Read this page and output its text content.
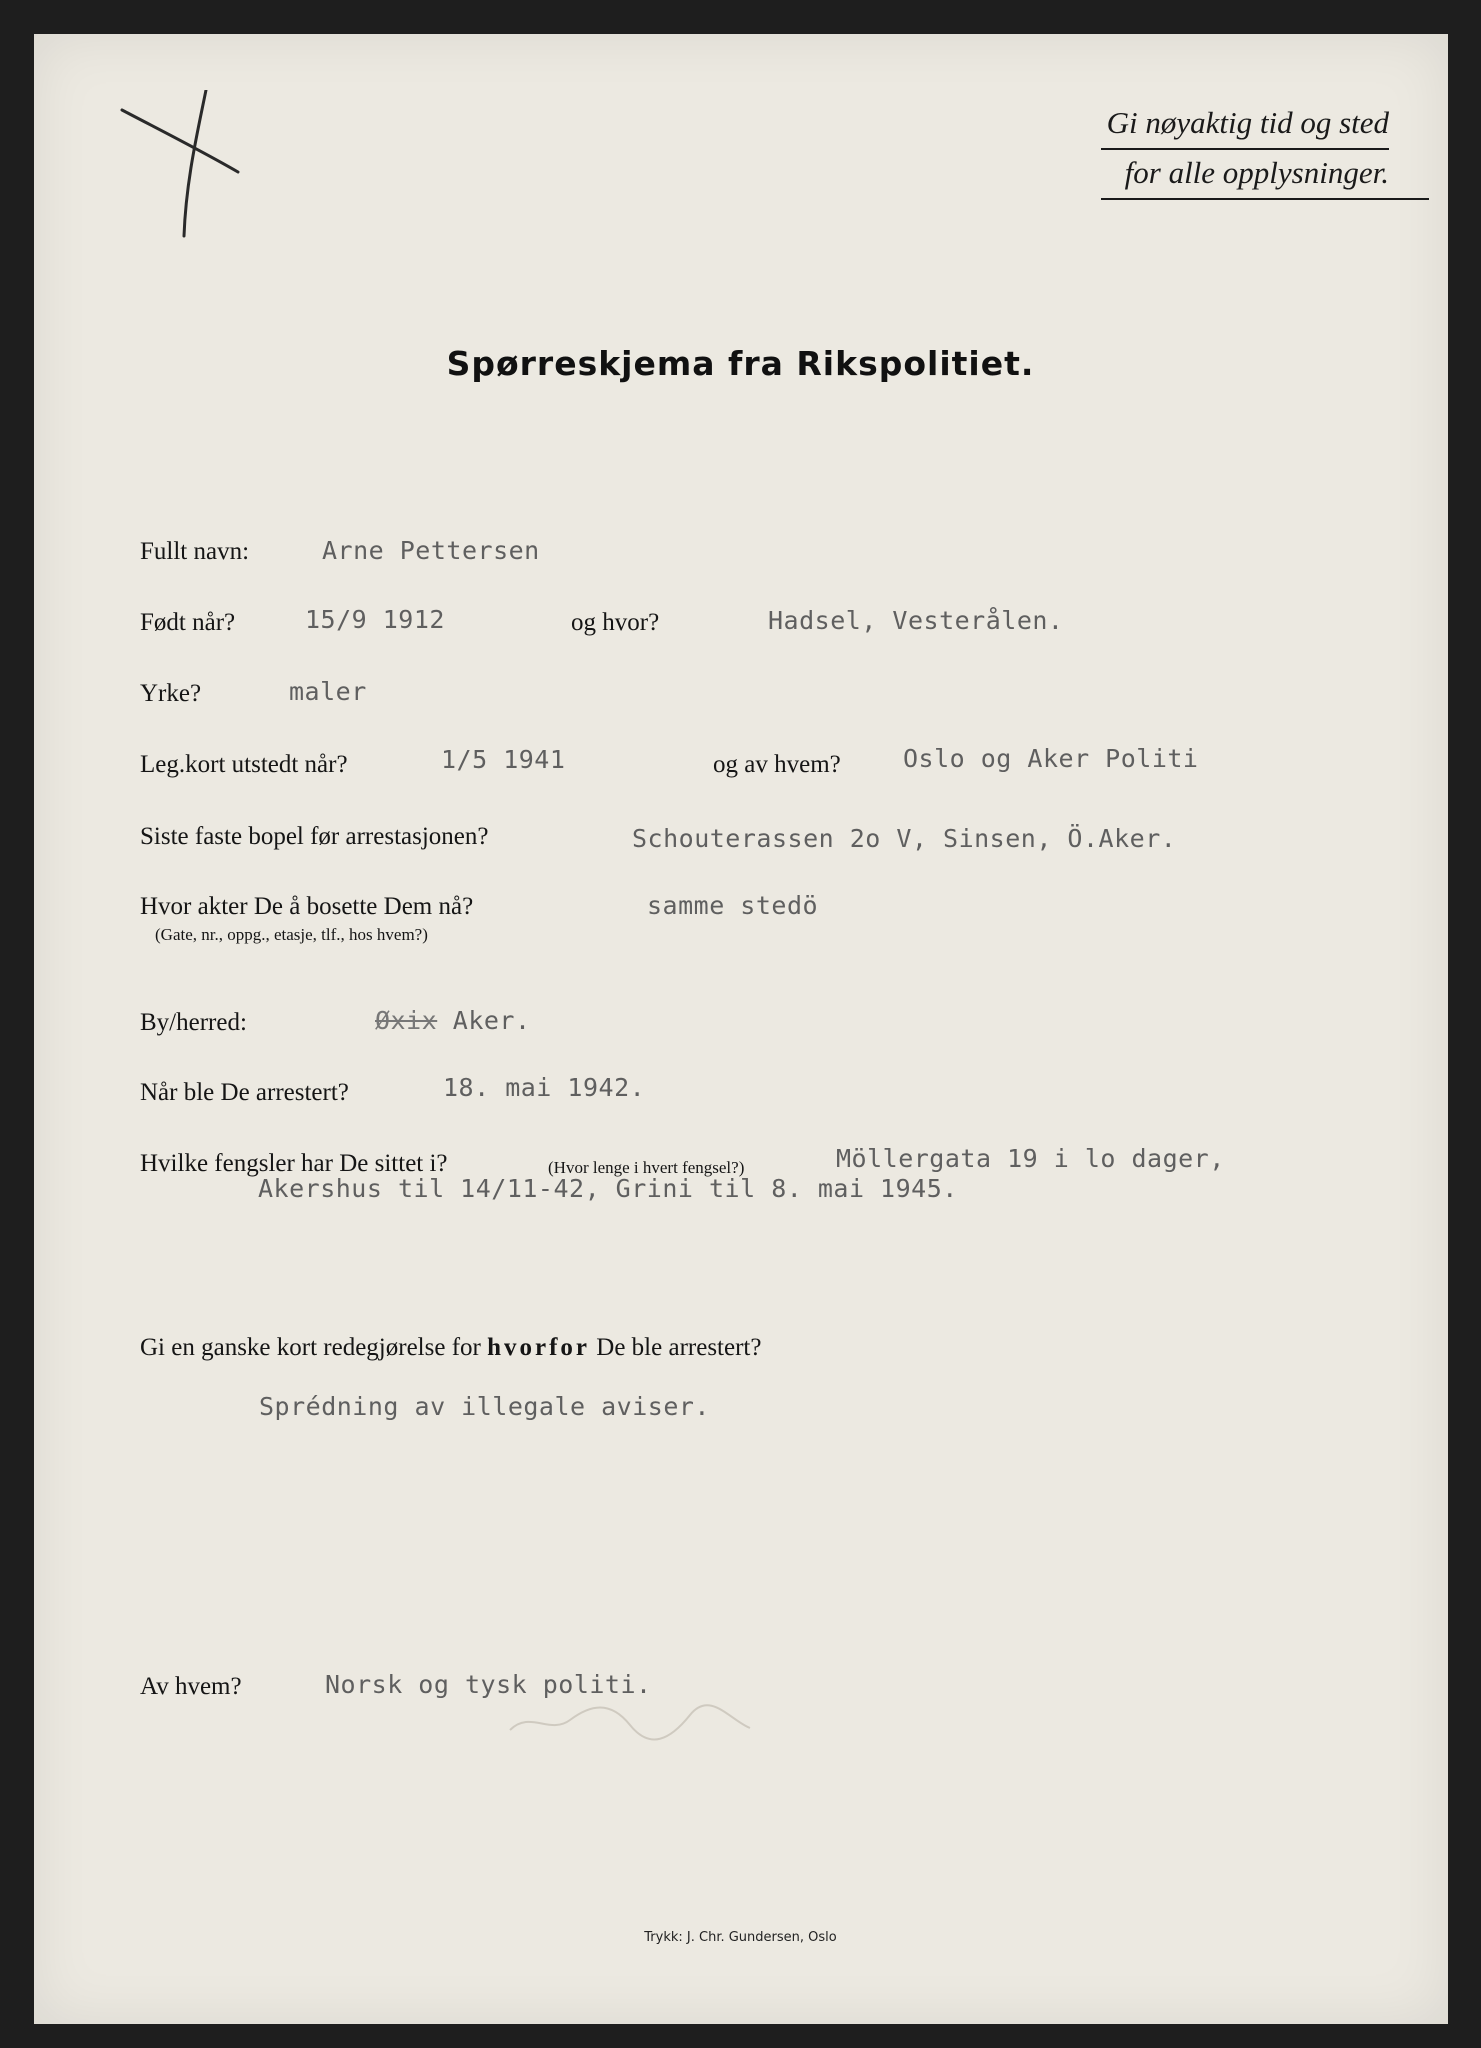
Gi nøyaktig tid og sted
for alle opplysninger.
Spørreskjema fra Rikspolitiet.
Fullt navn:	Arne Pettersen
Født når?	15/9 1912	og hvor?	Hadsel, Vesterålen.
Yrke?	maler
Leg.kort utstedt når?	1/5 1941	og av hvem? Oslo og Aker Politi
Siste faste bopel før arrestasjonen?	Schouterassen 2o V, Sinsen, Ö.Aker.
Hvor akter De å bosette Dem nå?
(Gate, nr., oppg., etasje, tlf., hos hvem?)
samme stedö
By/herred:	Øxix Aker.
Når ble De arrestert?	18. mai 1942.
Hvilke fengsler har De sittet i?	(Hvor lenge i hvert fengsel?)	Möllergata 19 i lo dager,
Akershus til 14/11-42, Grini til 8. mai 1945.
Gi en ganske kort redegjørelse for hvorfor De ble arrestert?
Sprédning av illegale aviser.
Av hvem?	Norsk og tysk politi.
Trykk: J. Chr. Gundersen, Oslo
